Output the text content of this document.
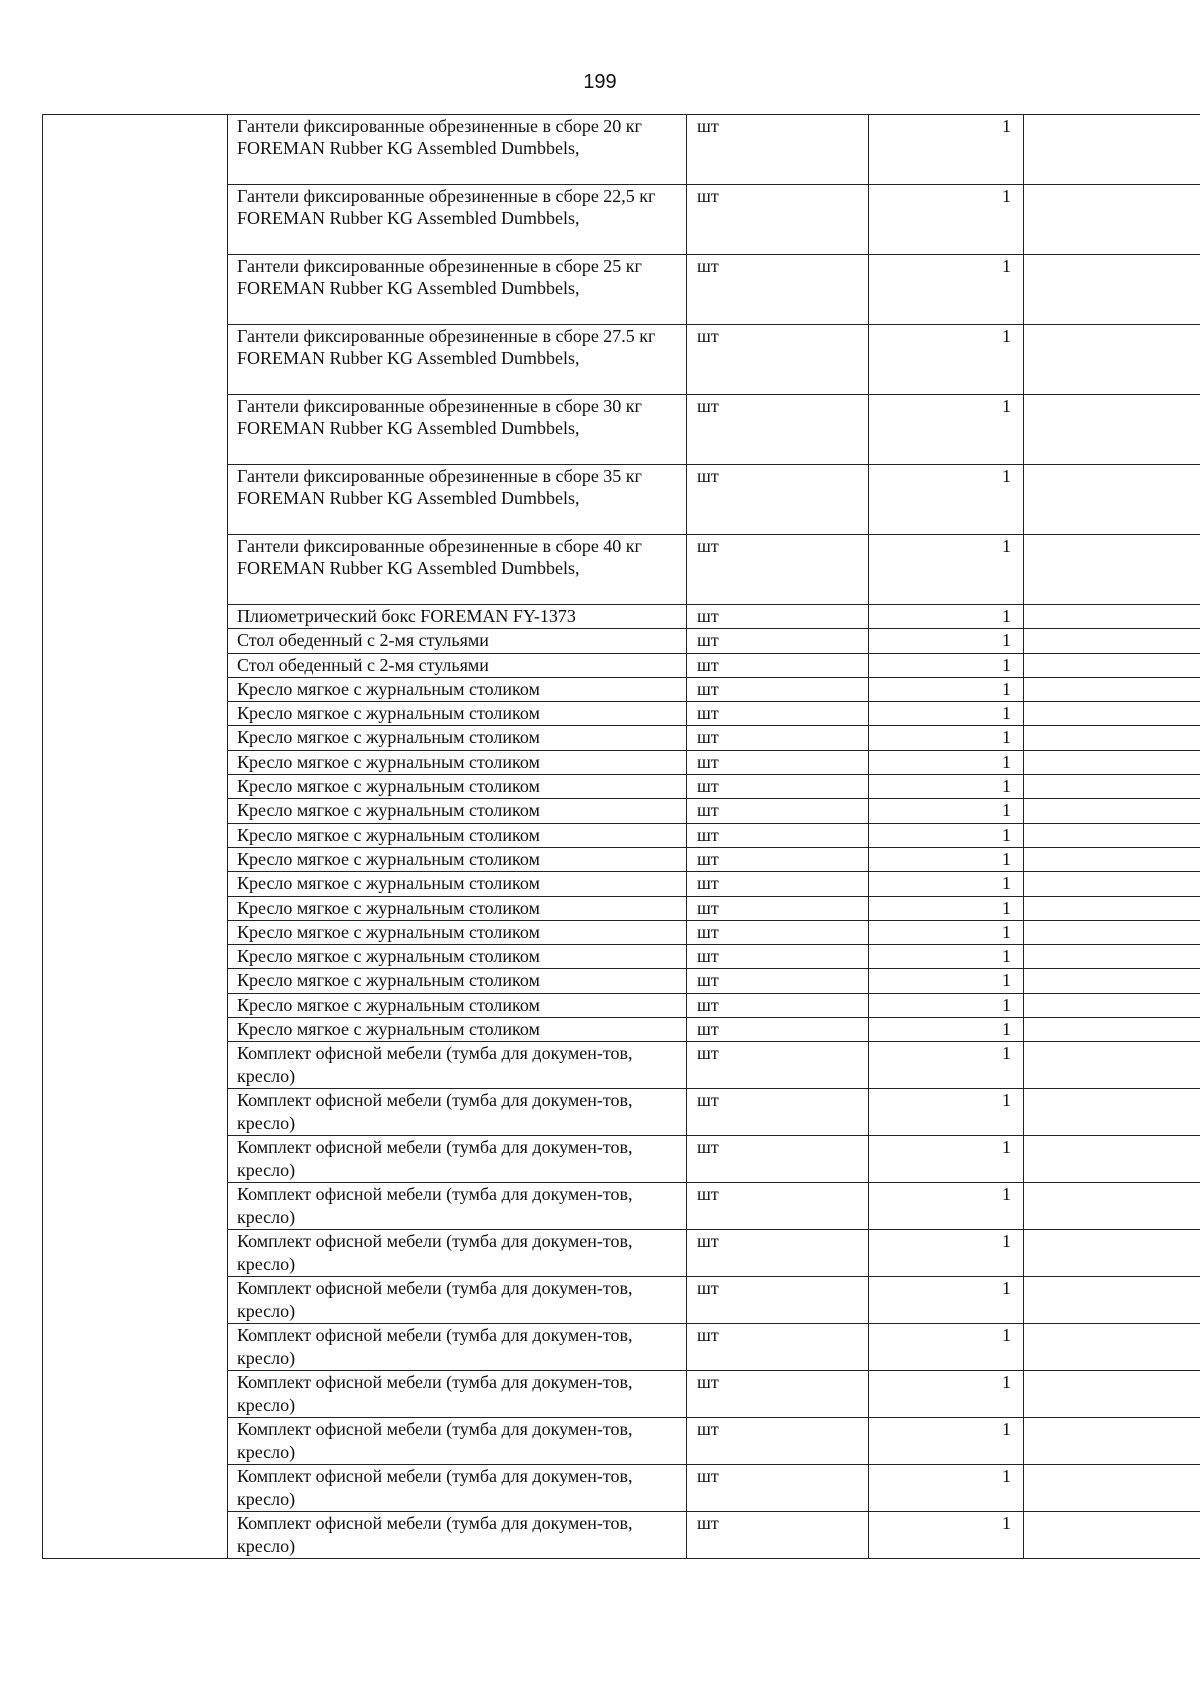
199
	Гантели фиксированные обрезиненные в сборе 20 кг FOREMAN Rubber KG Assembled Dumbbels,	шт	1	
	Гантели фиксированные обрезиненные в сборе 22,5 кг FOREMAN Rubber KG Assembled Dumbbels,	шт	1	
	Гантели фиксированные обрезиненные в сборе 25 кг FOREMAN Rubber KG Assembled Dumbbels,	шт	1	
	Гантели фиксированные обрезиненные в сборе 27.5 кг FOREMAN Rubber KG Assembled Dumbbels,	шт	1	
	Гантели фиксированные обрезиненные в сборе 30 кг FOREMAN Rubber KG Assembled Dumbbels,	шт	1	
	Гантели фиксированные обрезиненные в сборе 35 кг FOREMAN Rubber KG Assembled Dumbbels,	шт	1	
	Гантели фиксированные обрезиненные в сборе 40 кг FOREMAN Rubber KG Assembled Dumbbels,	шт	1	
	Плиометрический бокс FOREMAN FY-1373	шт	1	
	Стол обеденный с 2-мя стульями	шт	1	
	Стол обеденный с 2-мя стульями	шт	1	
	Кресло мягкое с журнальным столиком	шт	1	
	Кресло мягкое с журнальным столиком	шт	1	
	Кресло мягкое с журнальным столиком	шт	1	
	Кресло мягкое с журнальным столиком	шт	1	
	Кресло мягкое с журнальным столиком	шт	1	
	Кресло мягкое с журнальным столиком	шт	1	
	Кресло мягкое с журнальным столиком	шт	1	
	Кресло мягкое с журнальным столиком	шт	1	
	Кресло мягкое с журнальным столиком	шт	1	
	Кресло мягкое с журнальным столиком	шт	1	
	Кресло мягкое с журнальным столиком	шт	1	
	Кресло мягкое с журнальным столиком	шт	1	
	Кресло мягкое с журнальным столиком	шт	1	
	Кресло мягкое с журнальным столиком	шт	1	
	Кресло мягкое с журнальным столиком	шт	1	
	Комплект офисной мебели (тумба для докумен-тов, кресло)	шт	1	
	Комплект офисной мебели (тумба для докумен-тов, кресло)	шт	1	
	Комплект офисной мебели (тумба для докумен-тов, кресло)	шт	1	
	Комплект офисной мебели (тумба для докумен-тов, кресло)	шт	1	
	Комплект офисной мебели (тумба для докумен-тов, кресло)	шт	1	
	Комплект офисной мебели (тумба для докумен-тов, кресло)	шт	1	
	Комплект офисной мебели (тумба для докумен-тов, кресло)	шт	1	
	Комплект офисной мебели (тумба для докумен-тов, кресло)	шт	1	
	Комплект офисной мебели (тумба для докумен-тов, кресло)	шт	1	
	Комплект офисной мебели (тумба для докумен-тов, кресло)	шт	1	
	Комплект офисной мебели (тумба для докумен-тов, кресло)	шт	1	
